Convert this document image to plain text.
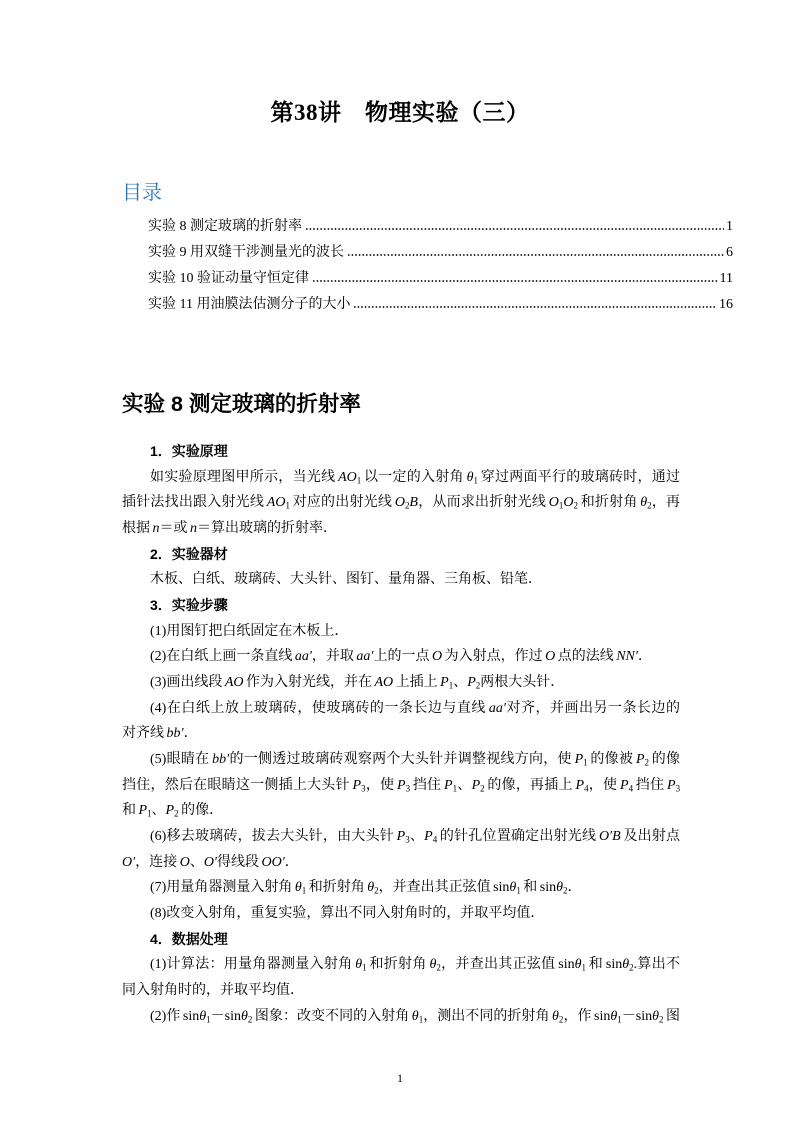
第38讲　物理实验（三）
目录
实验 8 测定玻璃的折射率	1
实验 9 用双缝干涉测量光的波长	6
实验 10 验证动量守恒定律	11
实验 11 用油膜法估测分子的大小	16
实验 8 测定玻璃的折射率
1．实验原理
如实验原理图甲所示，当光线 AO1 以一定的入射角 θ1 穿过两面平行的玻璃砖时，通过
插针法找出跟入射光线 AO1 对应的出射光线 O2B，从而求出折射光线 O1O2 和折射角 θ2，再
根据 n＝或 n＝算出玻璃的折射率．
2．实验器材
木板、白纸、玻璃砖、大头针、图钉、量角器、三角板、铅笔．
3．实验步骤
(1)用图钉把白纸固定在木板上．
(2)在白纸上画一条直线 aa′，并取 aa′上的一点 O 为入射点，作过 O 点的法线 NN′．
(3)画出线段 AO 作为入射光线，并在 AO 上插上 P1、P2两根大头针．
(4)在白纸上放上玻璃砖，使玻璃砖的一条长边与直线 aa′对齐，并画出另一条长边的
对齐线 bb′．
(5)眼睛在 bb′的一侧透过玻璃砖观察两个大头针并调整视线方向，使 P1 的像被 P2 的像
挡住，然后在眼睛这一侧插上大头针 P3，使 P3 挡住 P1、P2 的像，再插上 P4，使 P4 挡住 P3
和 P1、P2 的像．
(6)移去玻璃砖，拔去大头针，由大头针 P3、P4 的针孔位置确定出射光线 O′B 及出射点
O′，连接 O、O′得线段 OO′．
(7)用量角器测量入射角 θ1 和折射角 θ2，并查出其正弦值 sinθ1 和 sinθ2．
(8)改变入射角，重复实验，算出不同入射角时的，并取平均值．
4．数据处理
(1)计算法：用量角器测量入射角 θ1 和折射角 θ2，并查出其正弦值 sinθ1 和 sinθ2.算出不
同入射角时的，并取平均值．
(2)作 sinθ1－sinθ2 图象：改变不同的入射角 θ1，测出不同的折射角 θ2，作 sinθ1－sinθ2 图
1
